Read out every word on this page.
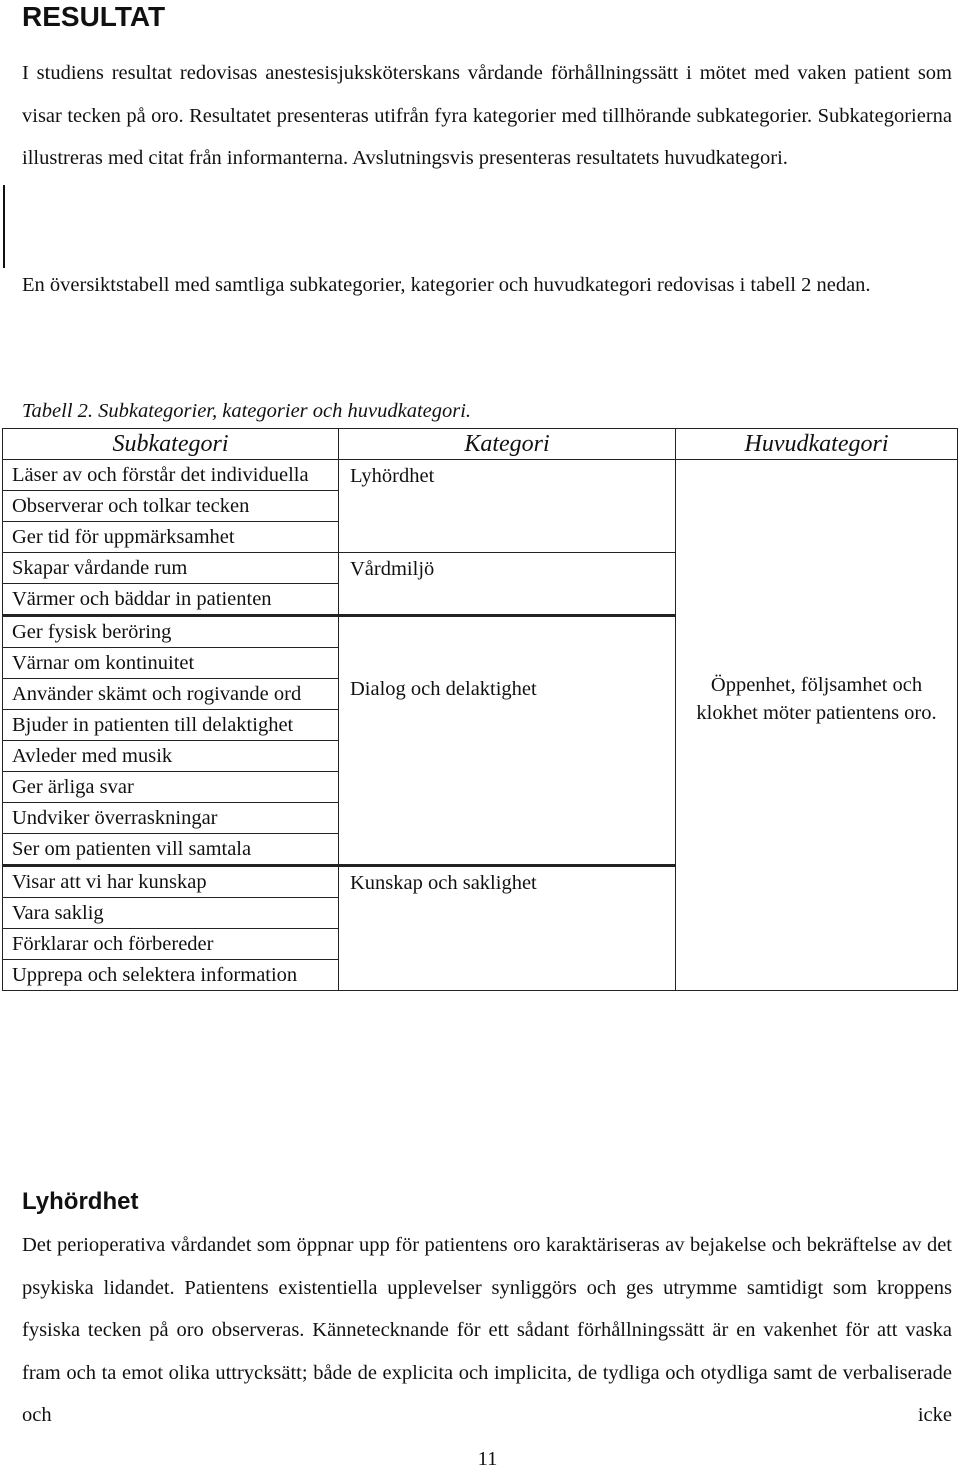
RESULTAT
I studiens resultat redovisas anestesisjuksköterskans vårdande förhållningssätt i mötet med vaken patient som visar tecken på oro. Resultatet presenteras utifrån fyra kategorier med tillhörande subkategorier. Subkategorierna illustreras med citat från informanterna. Avslutningsvis presenteras resultatets huvudkategori.
En översiktstabell med samtliga subkategorier, kategorier och huvudkategori redovisas i tabell 2 nedan.
Tabell 2. Subkategorier, kategorier och huvudkategori.
Subkategori	Kategori	Huvudkategori
Läser av och förstår det individuella	Lyhördhet	Öppenhet, följsamhet och klokhet möter patientens oro.
Observerar och tolkar tecken		
Ger tid för uppmärksamhet		
Skapar vårdande rum	Vårdmiljö	
Värmer och bäddar in patienten		
Ger fysisk beröring	Dialog och delaktighet	
Värnar om kontinuitet		
Använder skämt och rogivande ord		
Bjuder in patienten till delaktighet		
Avleder med musik		
Ger ärliga svar		
Undviker överraskningar		
Ser om patienten vill samtala		
Visar att vi har kunskap	Kunskap och saklighet	
Vara saklig		
Förklarar och förbereder		
Upprepa och selektera information		
Lyhördhet
Det perioperativa vårdandet som öppnar upp för patientens oro karaktäriseras av bejakelse och bekräftelse av det psykiska lidandet. Patientens existentiella upplevelser synliggörs och ges utrymme samtidigt som kroppens fysiska tecken på oro observeras. Kännetecknande för ett sådant förhållningssätt är en vakenhet för att vaska fram och ta emot olika uttrycksätt; både de explicita och implicita, de tydliga och otydliga samt de verbaliserade och icke
11
